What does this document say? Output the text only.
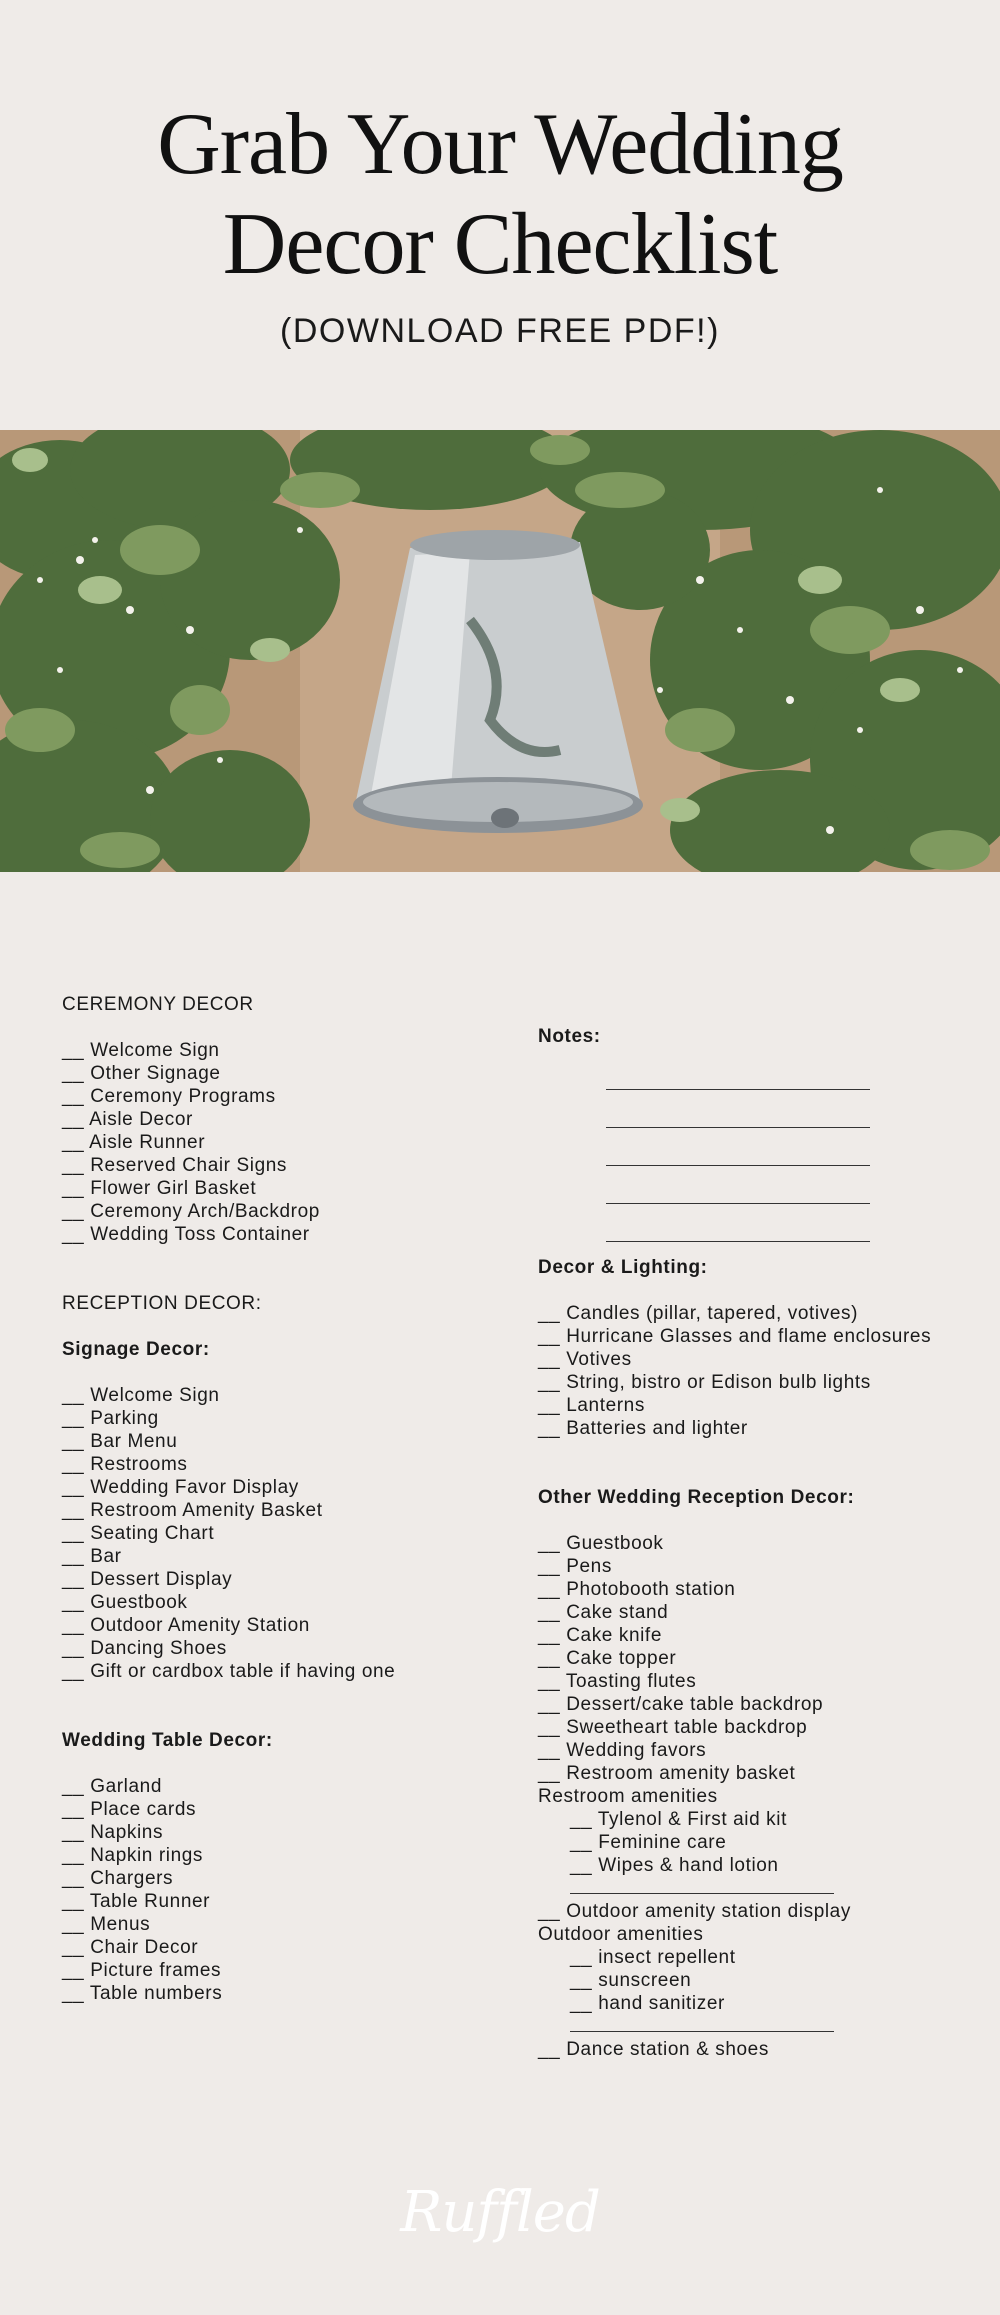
Grab Your Wedding
Decor Checklist
(DOWNLOAD FREE PDF!)
CEREMONY DECOR
__ Welcome Sign
__ Other Signage
__ Ceremony Programs
__ Aisle Decor
__ Aisle Runner
__ Reserved Chair Signs
__ Flower Girl Basket
__ Ceremony Arch/Backdrop
__ Wedding Toss Container
RECEPTION DECOR:
Signage Decor:
__ Welcome Sign
__ Parking
__ Bar Menu
__ Restrooms
__ Wedding Favor Display
__ Restroom Amenity Basket
__ Seating Chart
__ Bar
__ Dessert Display
__ Guestbook
__ Outdoor Amenity Station
__ Dancing Shoes
__ Gift or cardbox table if having one
Wedding Table Decor:
__ Garland
__ Place cards
__ Napkins
__ Napkin rings
__ Chargers
__ Table Runner
__ Menus
__ Chair Decor
__ Picture frames
__ Table numbers
Notes:
Decor & Lighting:
__ Candles (pillar, tapered, votives)
__ Hurricane Glasses and flame enclosures
__ Votives
__ String, bistro or Edison bulb lights
__ Lanterns
__ Batteries and lighter
Other Wedding Reception Decor:
__ Guestbook
__ Pens
__ Photobooth station
__ Cake stand
__ Cake knife
__ Cake topper
__ Toasting flutes
__ Dessert/cake table backdrop
__ Sweetheart table backdrop
__ Wedding favors
__ Restroom amenity basket
Restroom amenities
__ Tylenol & First aid kit
__ Feminine care
__ Wipes & hand lotion
__ Outdoor amenity station display
Outdoor amenities
__ insect repellent
__ sunscreen
__ hand sanitizer
__ Dance station & shoes
Ruffled
